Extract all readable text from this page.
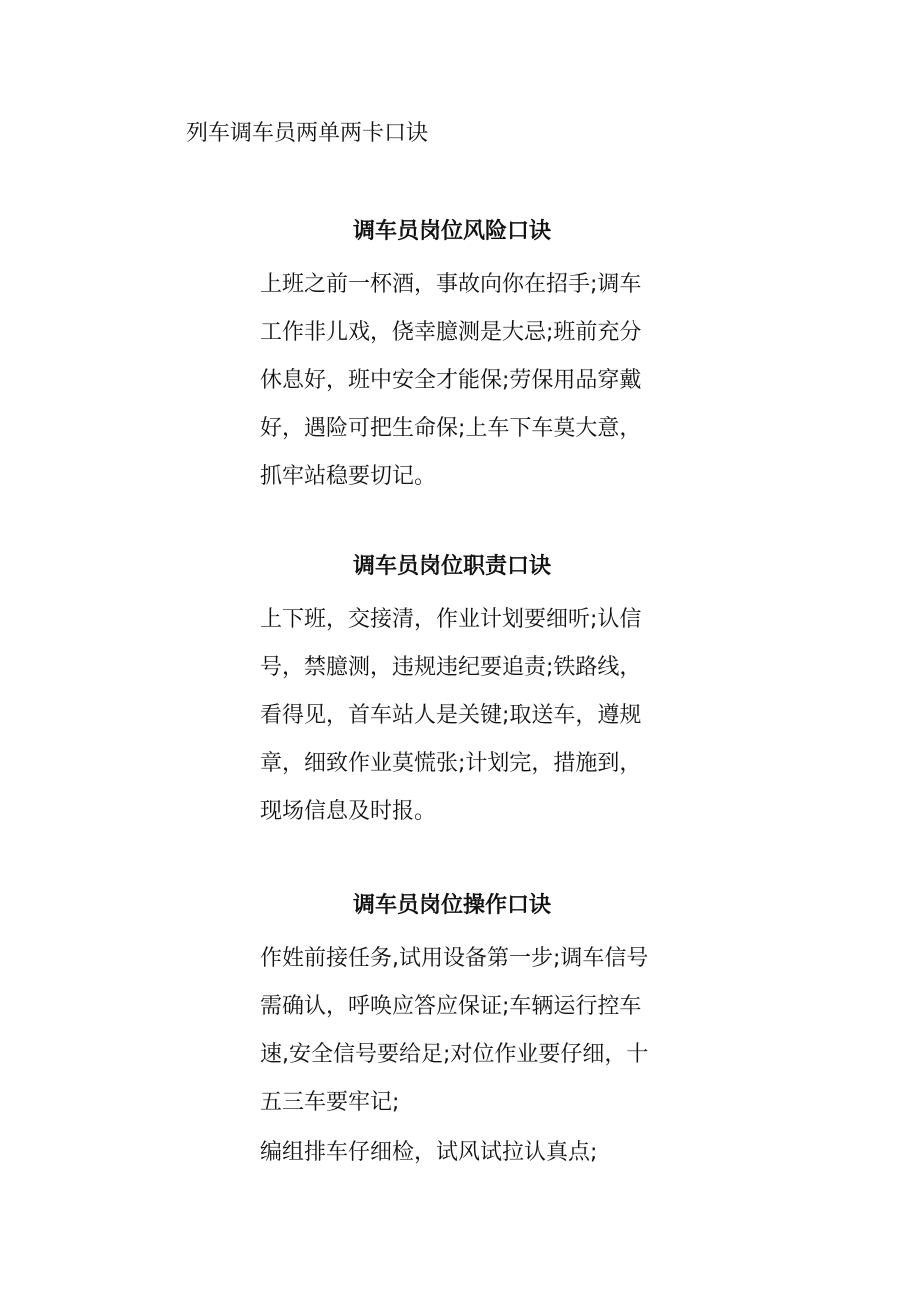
列车调车员两单两卡口诀
调车员岗位风险口诀

上班之前一杯酒，事故向你在招手;调车工作非儿戏，侥幸臆测是大忌;班前充分休息好，班中安全才能保;劳保用品穿戴好，遇险可把生命保;上车下车莫大意，抓牢站稳要切记。

调车员岗位职责口诀

上下班，交接清，作业计划要细听;认信号，禁臆测，违规违纪要追责;铁路线，看得见，首车站人是关键;取送车，遵规章，细致作业莫慌张;计划完，措施到，现场信息及时报。

调车员岗位操作口诀

作姓前接任务,试用设备第一步;调车信号需确认，呼唤应答应保证;车辆运行控车速,安全信号要给足;对位作业要仔细，十五三车要牢记;

编组排车仔细检，试风试拉认真点;
